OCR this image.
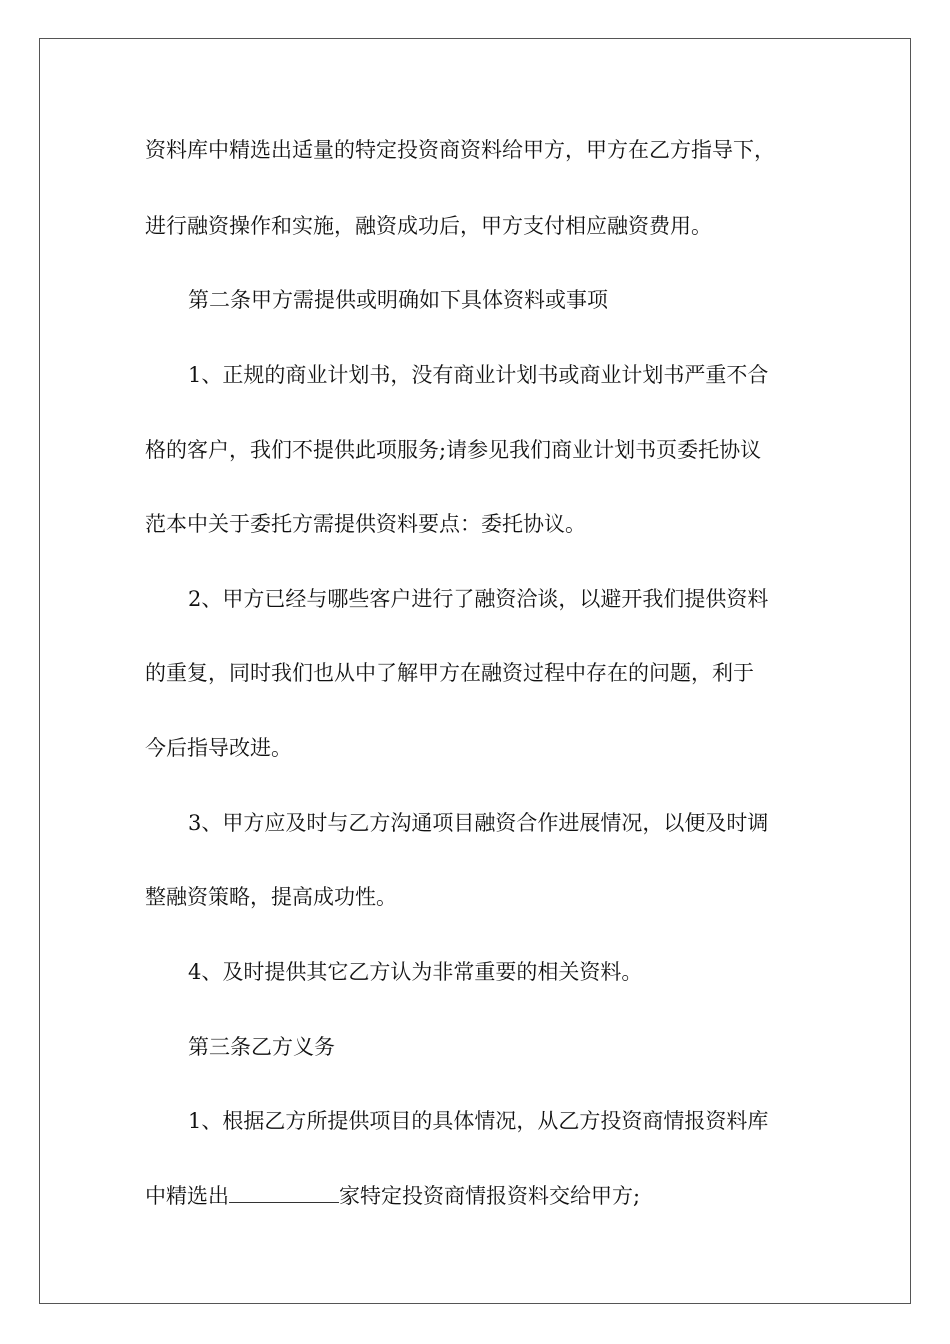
资料库中精选出适量的特定投资商资料给甲方，甲方在乙方指导下，

进行融资操作和实施，融资成功后，甲方支付相应融资费用。

第二条甲方需提供或明确如下具体资料或事项

1、正规的商业计划书，没有商业计划书或商业计划书严重不合

格的客户，我们不提供此项服务;请参见我们商业计划书页委托协议

范本中关于委托方需提供资料要点：委托协议。

2、甲方已经与哪些客户进行了融资洽谈，以避开我们提供资料

的重复，同时我们也从中了解甲方在融资过程中存在的问题，利于

今后指导改进。

3、甲方应及时与乙方沟通项目融资合作进展情况，以便及时调

整融资策略，提高成功性。

4、及时提供其它乙方认为非常重要的相关资料。

第三条乙方义务

1、根据乙方所提供项目的具体情况，从乙方投资商情报资料库

中精选出	家特定投资商情报资料交给甲方;
